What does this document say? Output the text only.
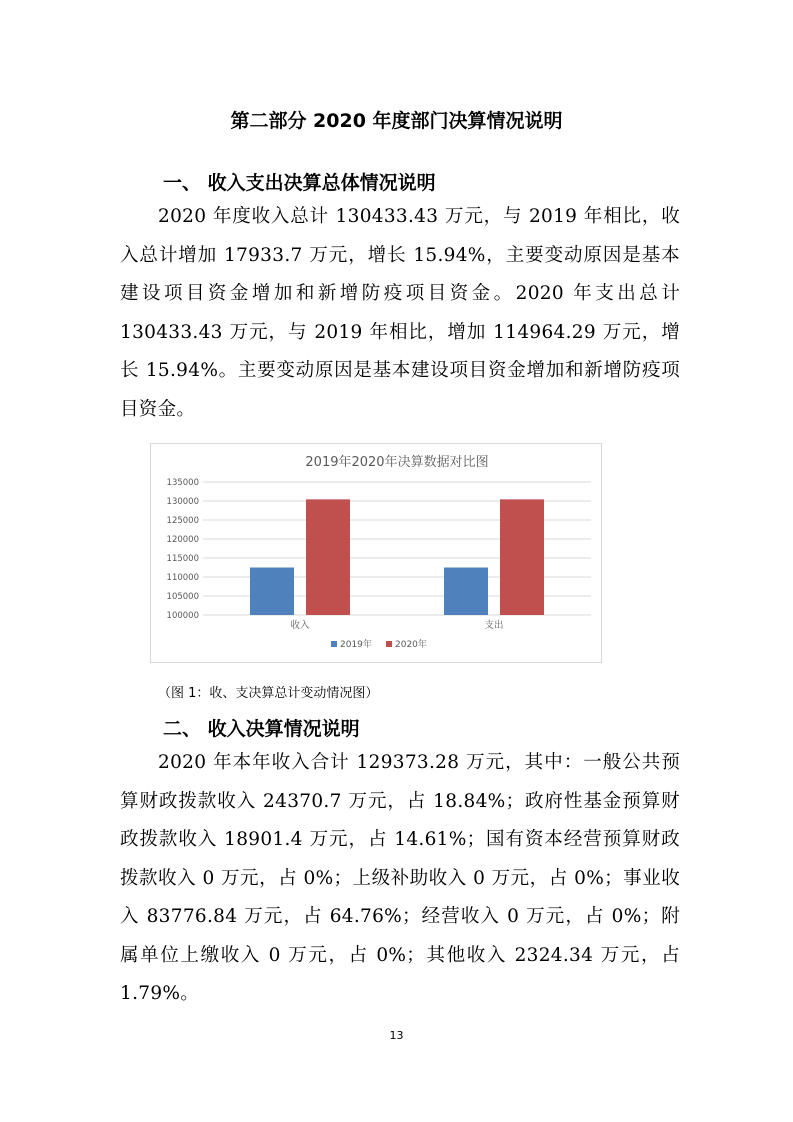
第二部分 2020 年度部门决算情况说明
一、 收入支出决算总体情况说明
2020 年度收入总计 130433.43 万元，与 2019 年相比，收入总计增加 17933.7 万元，增长 15.94%，主要变动原因是基本建设项目资金增加和新增防疫项目资金。2020 年支出总计 130433.43 万元，与 2019 年相比，增加 114964.29 万元，增长 15.94%。主要变动原因是基本建设项目资金增加和新增防疫项目资金。
2019年2020年决算数据对比图
100000
105000
110000
115000
120000
125000
130000
135000
收入	支出
2019年	2020年
（图 1：收、支决算总计变动情况图）
二、 收入决算情况说明
2020 年本年收入合计 129373.28 万元，其中：一般公共预算财政拨款收入 24370.7 万元，占 18.84%；政府性基金预算财政拨款收入 18901.4 万元，占 14.61%；国有资本经营预算财政拨款收入 0 万元，占 0%；上级补助收入 0 万元，占 0%；事业收入 83776.84 万元，占 64.76%；经营收入 0 万元，占 0%；附属单位上缴收入 0 万元，占 0%；其他收入 2324.34 万元，占 1.79%。
13
